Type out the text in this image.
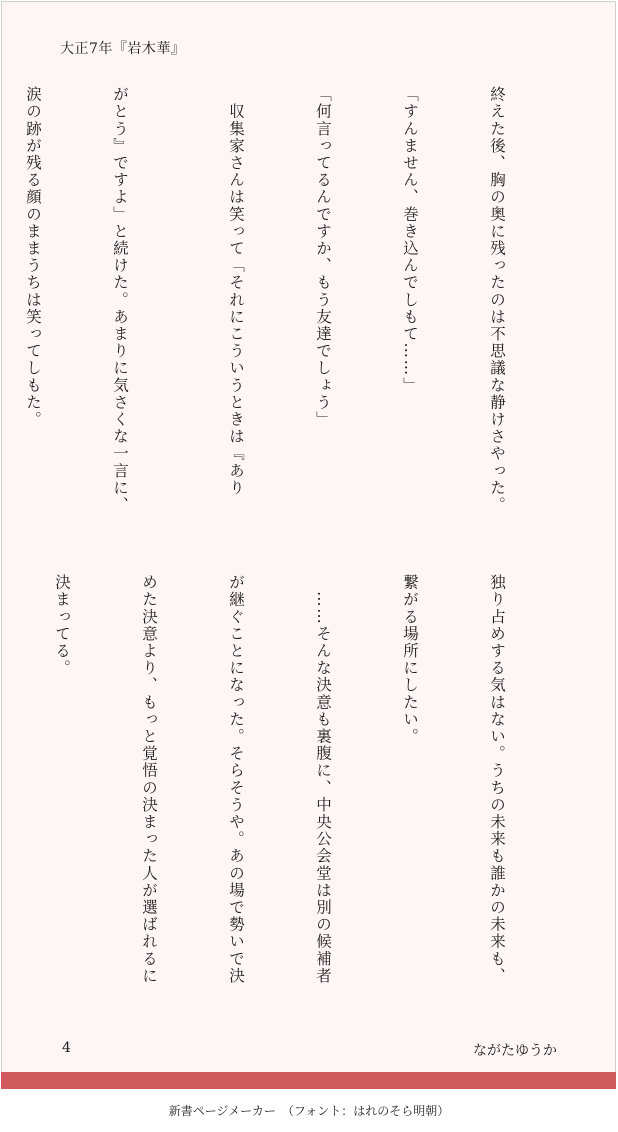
大正7年『岩木華』

終えた後、胸の奥に残ったのは不思議な静けさやった。

「すんません、巻き込んでしもて……」

「何言ってるんですか、もう友達でしょう」

　収集家さんは笑って「それにこういうときは『あり

がとう』ですよ」と続けた。あまりに気さくな一言に、

涙の跡が残る顔のままうちは笑ってしもた。

独り占めする気はない。うちの未来も誰かの未来も、

繋がる場所にしたい。

　……そんな決意も裏腹に、中央公会堂は別の候補者

が継ぐことになった。そらそうや。あの場で勢いで決

めた決意より、もっと覚悟の決まった人が選ばれるに

決まってる。

4	ながたゆうか
新書ページメーカー　（フォント：はれのそら明朝）
